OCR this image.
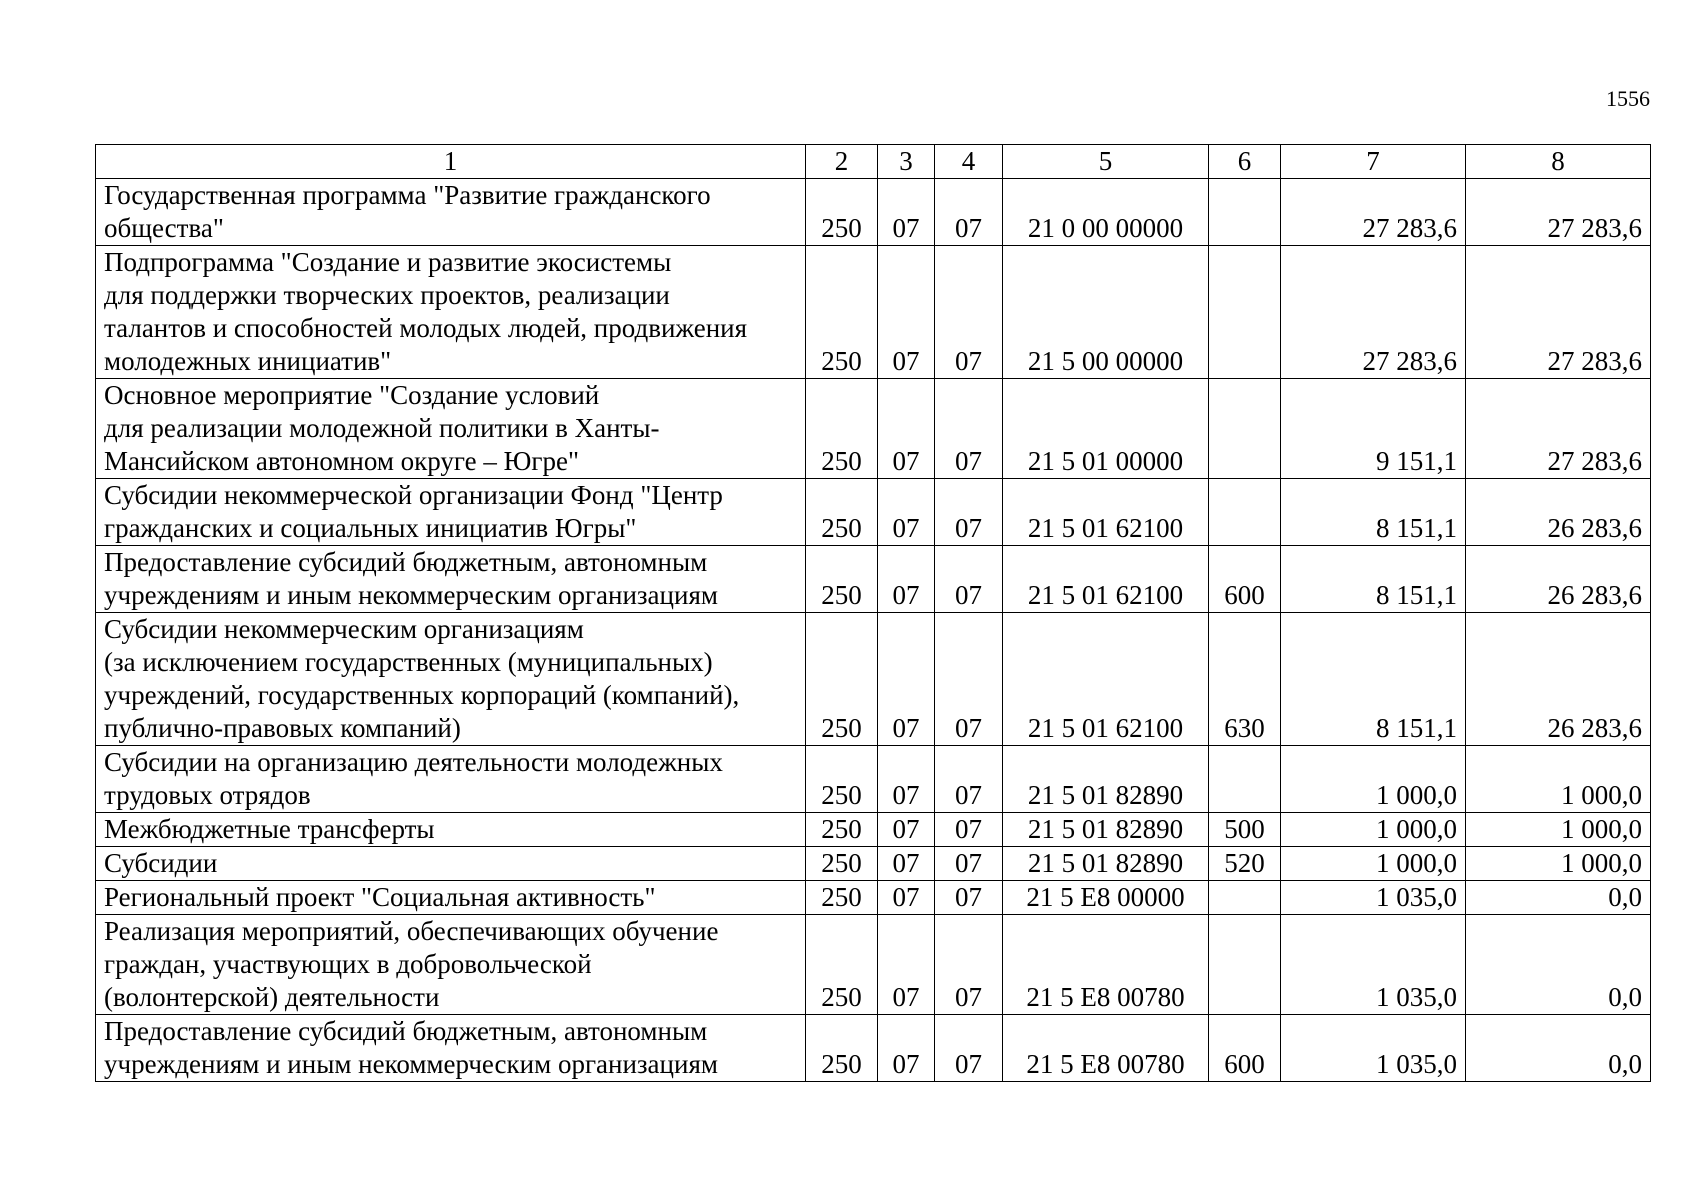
1556
1	2	3	4	5	6	7	8
Государственная программа "Развитие гражданского
общества"	250	07	07	21 0 00 00000		27 283,6	27 283,6
Подпрограмма "Создание и развитие экосистемы
для поддержки творческих проектов, реализации
талантов и способностей молодых людей, продвижения
молодежных инициатив"	250	07	07	21 5 00 00000		27 283,6	27 283,6
Основное мероприятие "Создание условий
для реализации молодежной политики в Ханты-
Мансийском автономном округе – Югре"	250	07	07	21 5 01 00000		9 151,1	27 283,6
Субсидии некоммерческой организации Фонд "Центр
гражданских и социальных инициатив Югры"	250	07	07	21 5 01 62100		8 151,1	26 283,6
Предоставление субсидий бюджетным, автономным
учреждениям и иным некоммерческим организациям	250	07	07	21 5 01 62100	600	8 151,1	26 283,6
Субсидии некоммерческим организациям
(за исключением государственных (муниципальных)
учреждений, государственных корпораций (компаний),
публично-правовых компаний)	250	07	07	21 5 01 62100	630	8 151,1	26 283,6
Субсидии на организацию деятельности молодежных
трудовых отрядов	250	07	07	21 5 01 82890		1 000,0	1 000,0
Межбюджетные трансферты	250	07	07	21 5 01 82890	500	1 000,0	1 000,0
Субсидии	250	07	07	21 5 01 82890	520	1 000,0	1 000,0
Региональный проект "Социальная активность"	250	07	07	21 5 E8 00000		1 035,0	0,0
Реализация мероприятий, обеспечивающих обучение
граждан, участвующих в добровольческой
(волонтерской) деятельности	250	07	07	21 5 E8 00780		1 035,0	0,0
Предоставление субсидий бюджетным, автономным
учреждениям и иным некоммерческим организациям	250	07	07	21 5 E8 00780	600	1 035,0	0,0
